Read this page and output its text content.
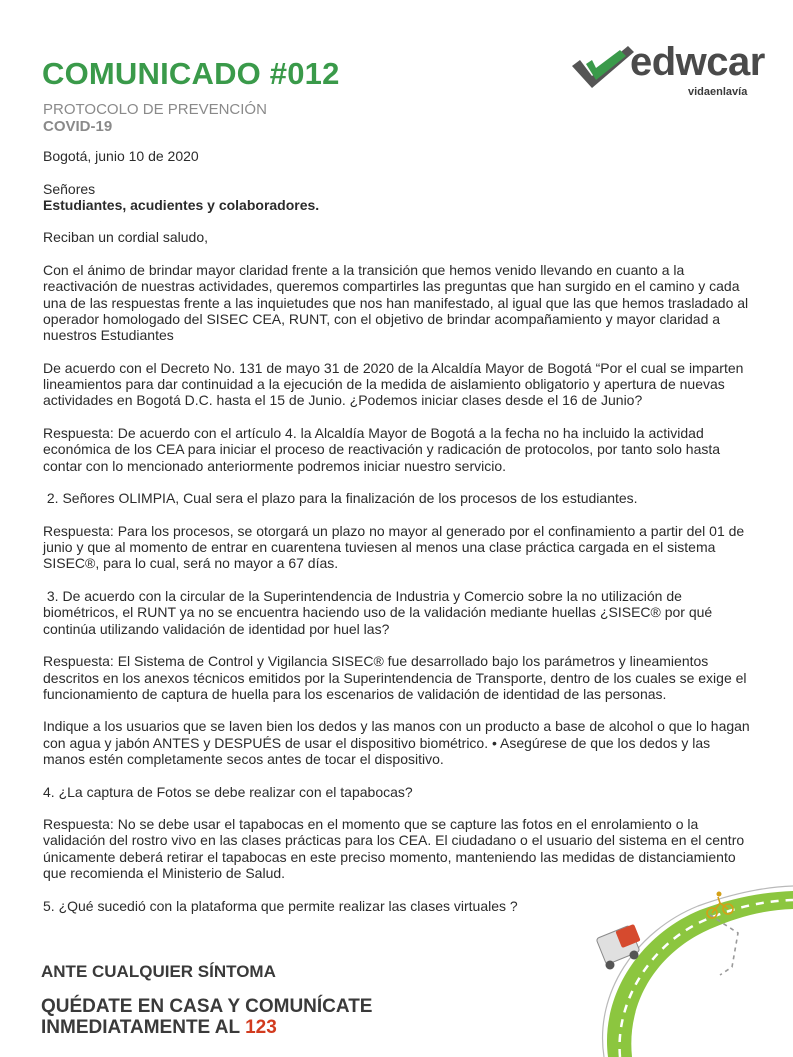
COMUNICADO #012
PROTOCOLO DE PREVENCIÓN
COVID-19
edwcar
vidaenlavía

Bogotá, junio 10 de 2020

Señores
Estudiantes, acudientes y colaboradores.

Reciban un cordial saludo,

Con el ánimo de brindar mayor claridad frente a la transición que hemos venido llevando en cuanto a la reactivación de nuestras actividades, queremos compartirles las preguntas que han surgido en el camino y cada una de las respuestas frente a las inquietudes que nos han manifestado, al igual que las que hemos trasladado al operador homologado del SISEC CEA, RUNT, con el objetivo de brindar acompañamiento y mayor claridad a nuestros Estudiantes

De acuerdo con el Decreto No. 131 de mayo 31 de 2020 de la Alcaldía Mayor de Bogotá “Por el cual se imparten lineamientos para dar continuidad a la ejecución de la medida de aislamiento obligatorio y apertura de nuevas actividades en Bogotá D.C. hasta el 15 de Junio. ¿Podemos iniciar clases desde el 16 de Junio?

Respuesta: De acuerdo con el artículo 4. la Alcaldía Mayor de Bogotá a la fecha no ha incluido la actividad económica de los CEA para iniciar el proceso de reactivación y radicación de protocolos, por tanto solo hasta contar con lo mencionado anteriormente podremos iniciar nuestro servicio.

2. Señores OLIMPIA, Cual sera el plazo para la finalización de los procesos de los estudiantes.

Respuesta: Para los procesos, se otorgará un plazo no mayor al generado por el confinamiento a partir del 01 de junio y que al momento de entrar en cuarentena tuviesen al menos una clase práctica cargada en el sistema SISEC®, para lo cual, será no mayor a 67 días.

3. De acuerdo con la circular de la Superintendencia de Industria y Comercio sobre la no utilización de biométricos, el RUNT ya no se encuentra haciendo uso de la validación mediante huellas ¿SISEC® por qué continúa utilizando validación de identidad por huel las?

Respuesta: El Sistema de Control y Vigilancia SISEC® fue desarrollado bajo los parámetros y lineamientos descritos en los anexos técnicos emitidos por la Superintendencia de Transporte, dentro de los cuales se exige el funcionamiento de captura de huella para los escenarios de validación de identidad de las personas.

Indique a los usuarios que se laven bien los dedos y las manos con un producto a base de alcohol o que lo hagan con agua y jabón ANTES y DESPUÉS de usar el dispositivo biométrico. • Asegúrese de que los dedos y las manos estén completamente secos antes de tocar el dispositivo.

4. ¿La captura de Fotos se debe realizar con el tapabocas?

Respuesta: No se debe usar el tapabocas en el momento que se capture las fotos en el enrolamiento o la validación del rostro vivo en las clases prácticas para los CEA. El ciudadano o el usuario del sistema en el centro únicamente deberá retirar el tapabocas en este preciso momento, manteniendo las medidas de distanciamiento que recomienda el Ministerio de Salud.

5. ¿Qué sucedió con la plataforma que permite realizar las clases virtuales ?

ANTE CUALQUIER SÍNTOMA
QUÉDATE EN CASA Y COMUNÍCATE
INMEDIATAMENTE AL 123
